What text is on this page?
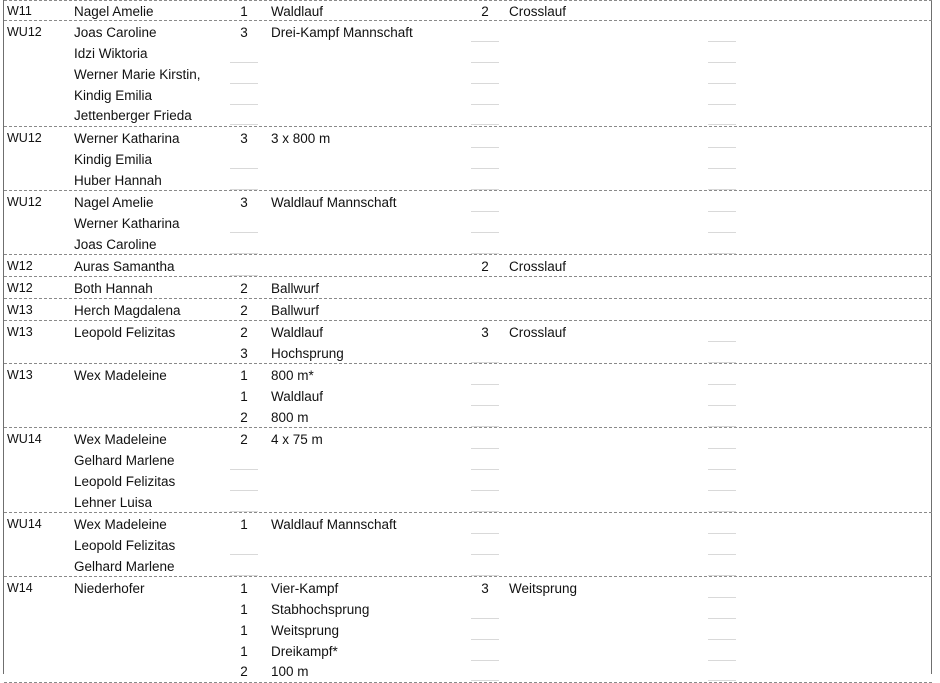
W11	Nagel Amelie	1	Waldlauf	2	Crosslauf
WU12 Joas Caroline	3	Drei-Kampf Mannschaft
Idzi Wiktoria
Werner Marie Kirstin,
Kindig Emilia
Jettenberger Frieda
WU12 Werner Katharina	3	3 x 800 m
Kindig Emilia
Huber Hannah
WU12 Nagel Amelie	3	Waldlauf Mannschaft
Werner Katharina
Joas Caroline
W12	Auras Samantha	2	Crosslauf
W12	Both Hannah	2	Ballwurf
W13	Herch Magdalena	2	Ballwurf
W13	Leopold Felizitas	2	Waldlauf	3	Crosslauf
3	Hochsprung
W13	Wex Madeleine	1	800 m*
1	Waldlauf
2	800 m
WU14 Wex Madeleine	2	4 x 75 m
Gelhard Marlene
Leopold Felizitas
Lehner Luisa
WU14 Wex Madeleine	1	Waldlauf Mannschaft
Leopold Felizitas
Gelhard Marlene
W14	Niederhofer	1	Vier-Kampf	3	Weitsprung
1	Stabhochsprung
1	Weitsprung
1	Dreikampf*
2	100 m
